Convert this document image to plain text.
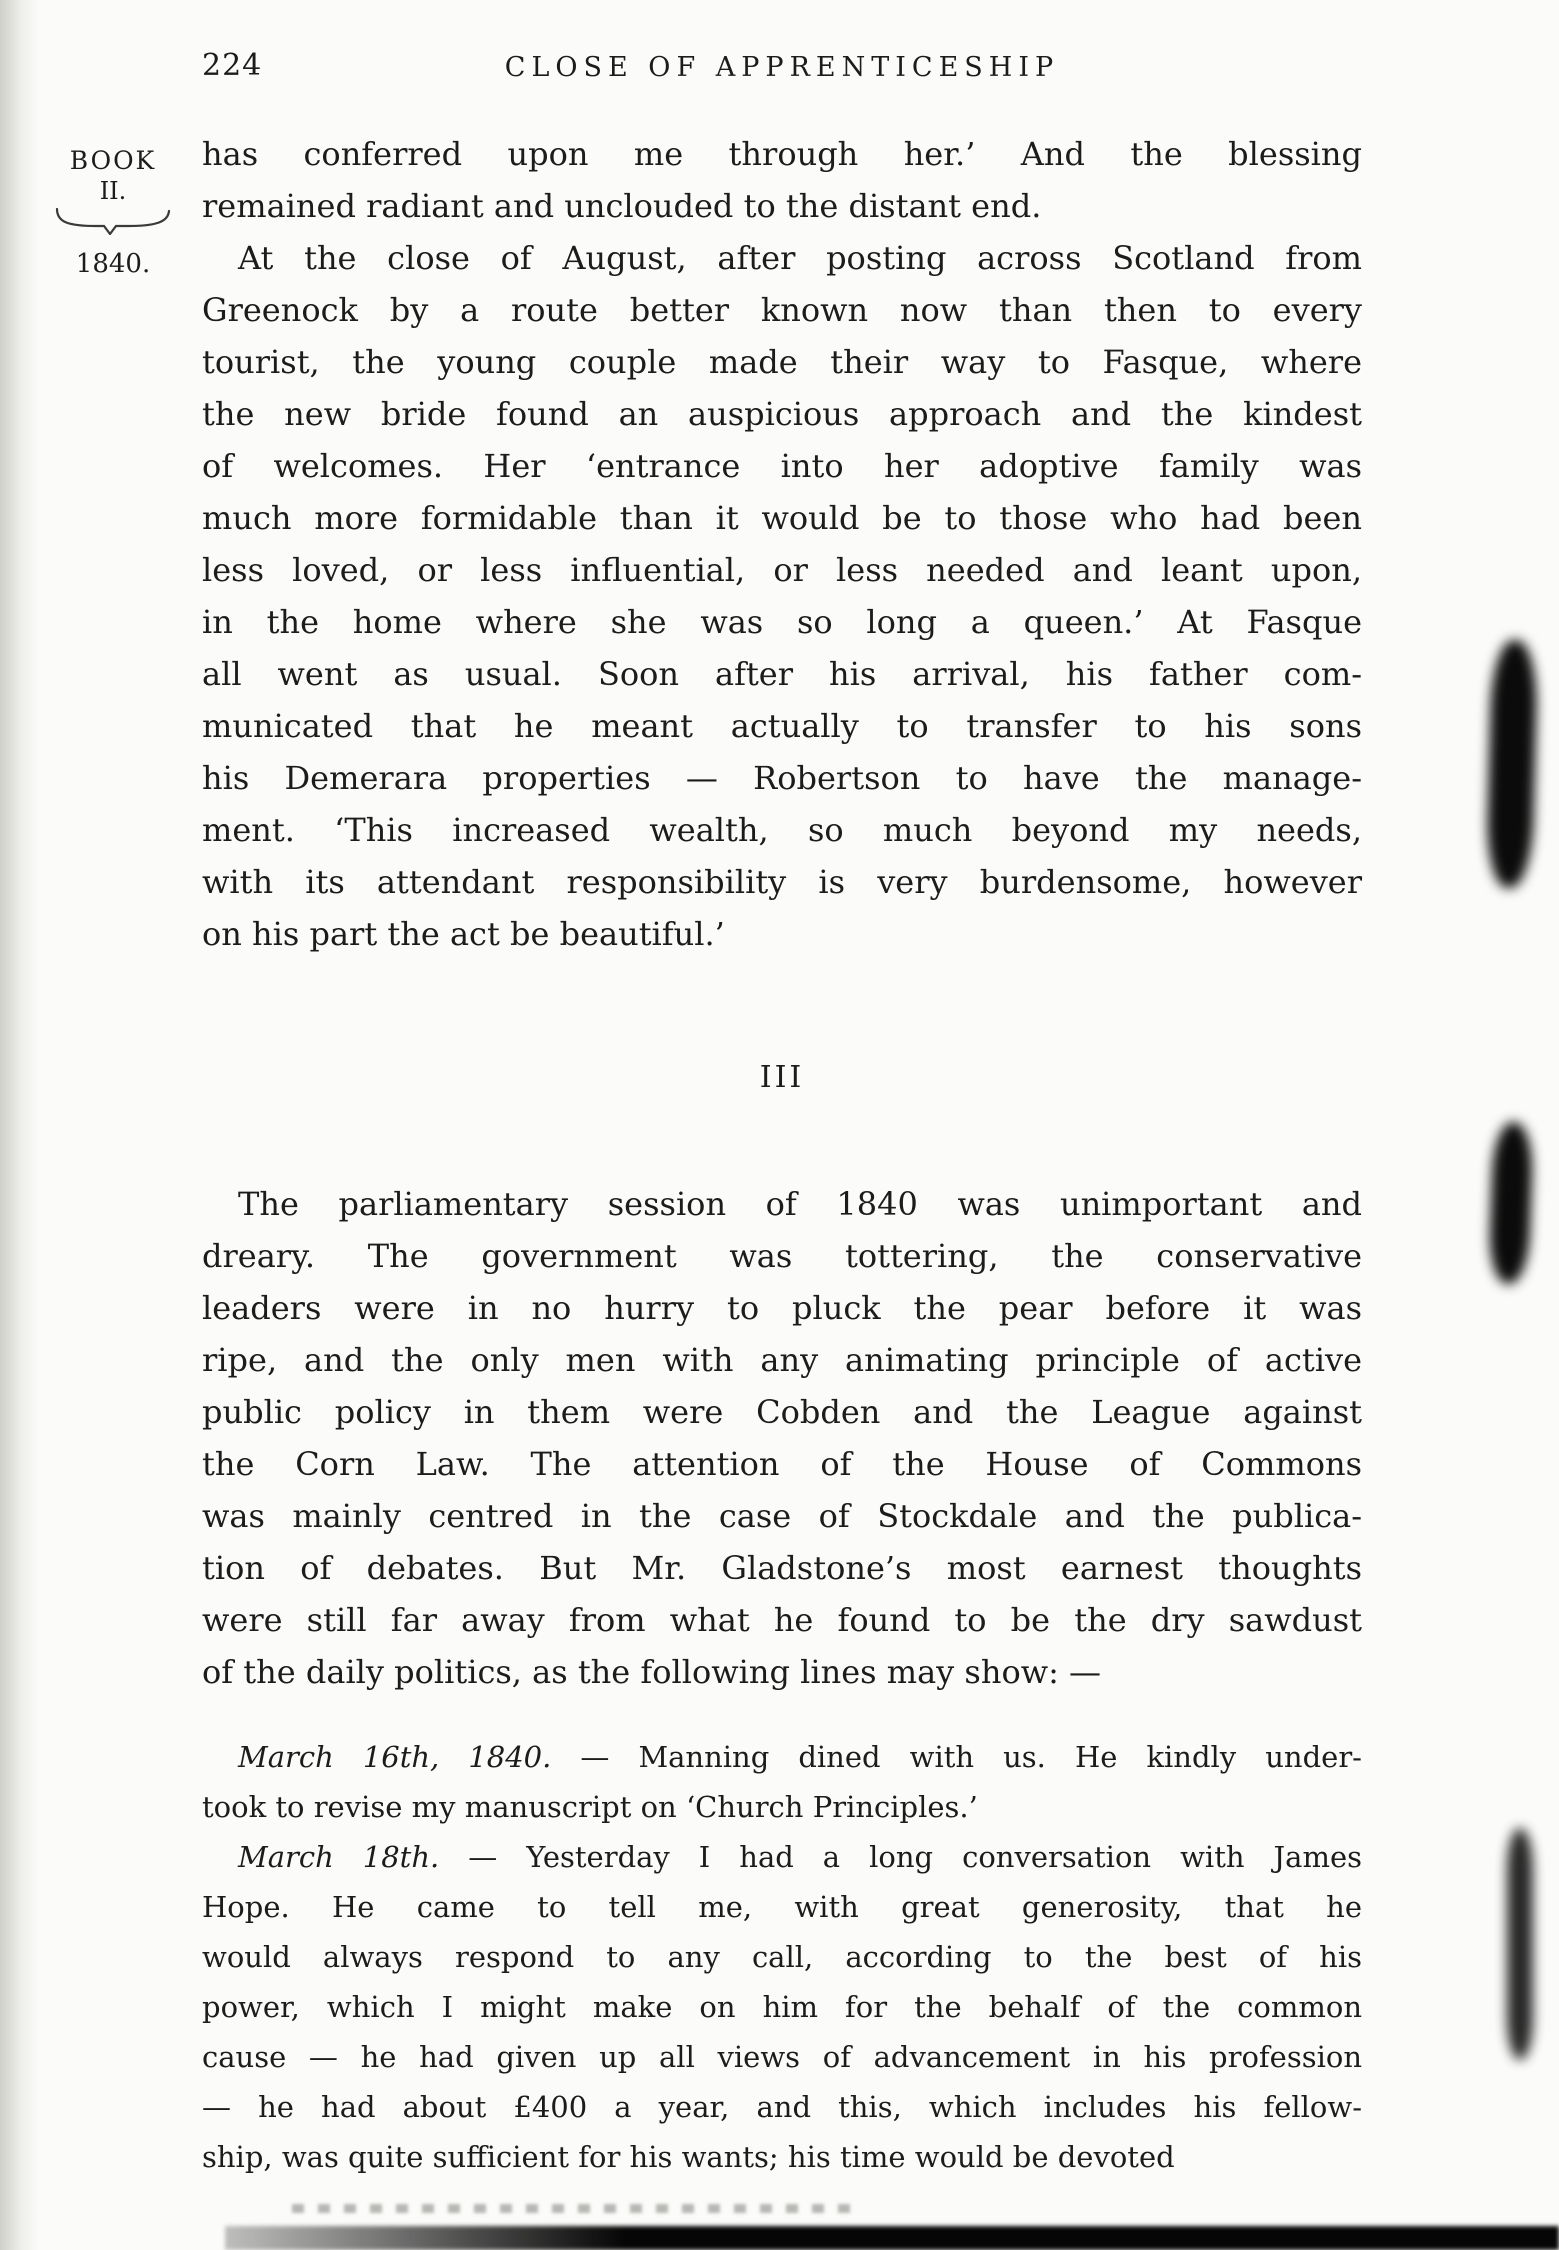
224	CLOSE OF APPRENTICESHIP
BOOK
II.
1840.

has conferred upon me through her.’ And the blessing
remained radiant and unclouded to the distant end.

At the close of August, after posting across Scotland from
Greenock by a route better known now than then to every
tourist, the young couple made their way to Fasque, where
the new bride found an auspicious approach and the kindest
of welcomes. Her ‘entrance into her adoptive family was
much more formidable than it would be to those who had been
less loved, or less influential, or less needed and leant upon,
in the home where she was so long a queen.’ At Fasque
all went as usual. Soon after his arrival, his father com-
municated that he meant actually to transfer to his sons
his Demerara properties — Robertson to have the manage-
ment. ‘This increased wealth, so much beyond my needs,
with its attendant responsibility is very burdensome, however
on his part the act be beautiful.’

III

The parliamentary session of 1840 was unimportant and
dreary. The government was tottering, the conservative
leaders were in no hurry to pluck the pear before it was
ripe, and the only men with any animating principle of active
public policy in them were Cobden and the League against
the Corn Law. The attention of the House of Commons
was mainly centred in the case of Stockdale and the publica-
tion of debates. But Mr. Gladstone’s most earnest thoughts
were still far away from what he found to be the dry sawdust
of the daily politics, as the following lines may show: —

March 16th, 1840. — Manning dined with us. He kindly under-
took to revise my manuscript on ‘Church Principles.’

March 18th. — Yesterday I had a long conversation with James
Hope. He came to tell me, with great generosity, that he
would always respond to any call, according to the best of his
power, which I might make on him for the behalf of the common
cause — he had given up all views of advancement in his profession
— he had about £400 a year, and this, which includes his fellow-
ship, was quite sufficient for his wants; his time would be devoted
